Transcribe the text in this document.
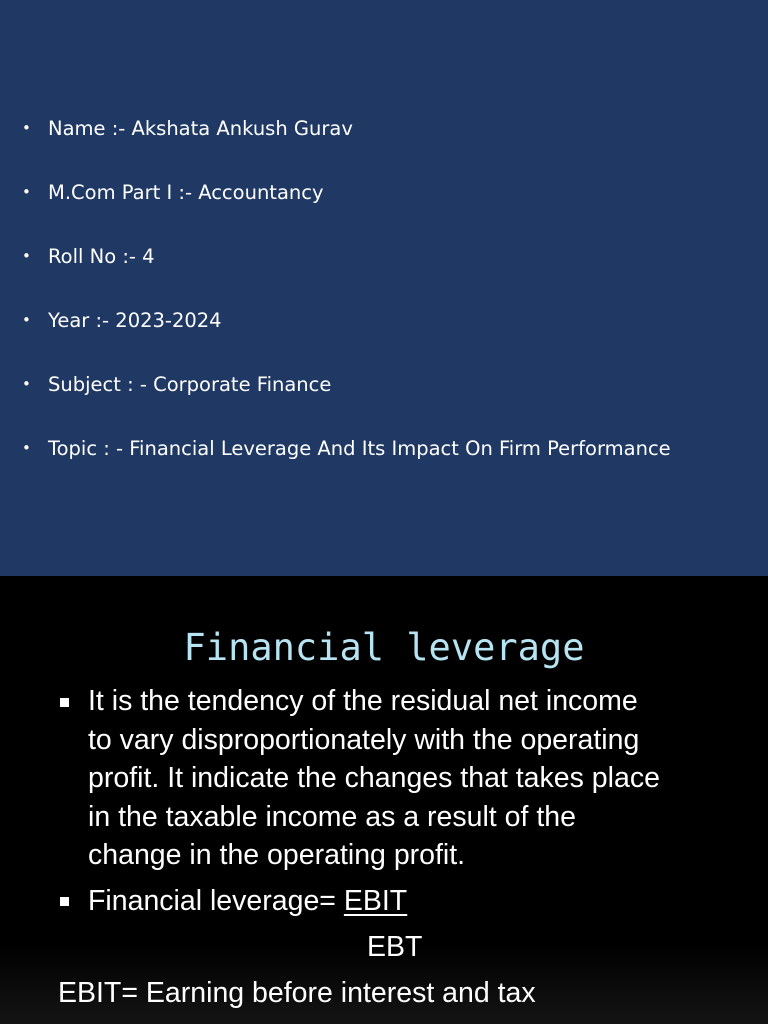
• Name :- Akshata Ankush Gurav
• M.Com Part I :- Accountancy
• Roll No :- 4
• Year :- 2023-2024
• Subject : - Corporate Finance
• Topic : - Financial Leverage And Its Impact On Firm Performance
Financial leverage
It is the tendency of the residual net income
to vary disproportionately with the operating
profit. It indicate the changes that takes place
in the taxable income as a result of the
change in the operating profit.
Financial leverage= EBIT
EBT
EBIT= Earning before interest and tax
